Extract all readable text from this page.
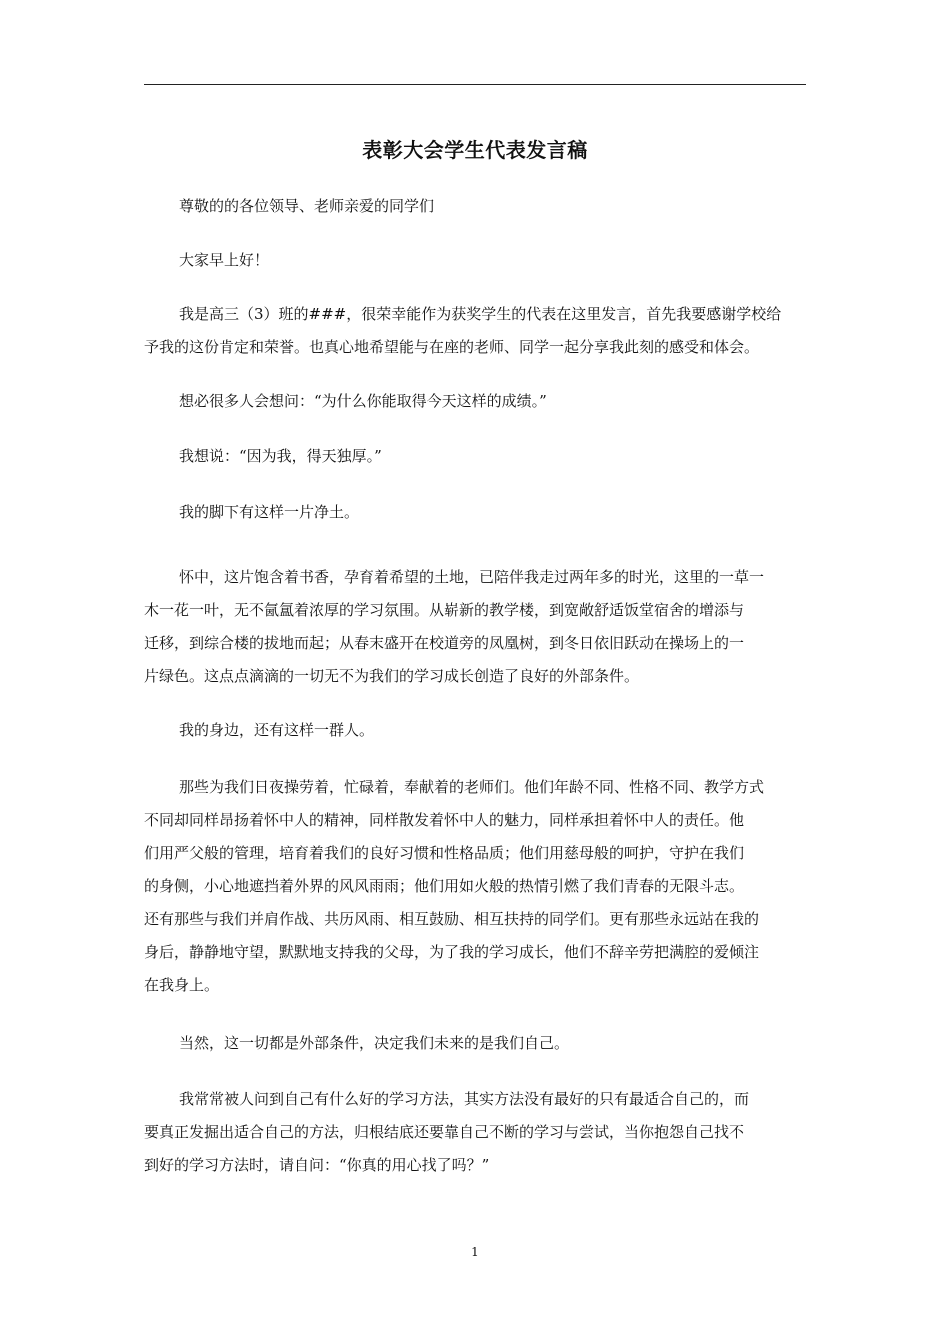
表彰大会学生代表发言稿

尊敬的的各位领导、老师亲爱的同学们

大家早上好！

我是高三（3）班的###，很荣幸能作为获奖学生的代表在这里发言，首先我要感谢学校给
予我的这份肯定和荣誉。也真心地希望能与在座的老师、同学一起分享我此刻的感受和体会。

想必很多人会想问：“为什么你能取得今天这样的成绩。”

我想说：“因为我，得天独厚。”

我的脚下有这样一片净土。

怀中，这片饱含着书香，孕育着希望的土地，已陪伴我走过两年多的时光，这里的一草一
木一花一叶，无不氤氲着浓厚的学习氛围。从崭新的教学楼，到宽敞舒适饭堂宿舍的增添与
迁移，到综合楼的拔地而起；从春末盛开在校道旁的凤凰树，到冬日依旧跃动在操场上的一
片绿色。这点点滴滴的一切无不为我们的学习成长创造了良好的外部条件。

我的身边，还有这样一群人。

那些为我们日夜操劳着，忙碌着，奉献着的老师们。他们年龄不同、性格不同、教学方式
不同却同样昂扬着怀中人的精神，同样散发着怀中人的魅力，同样承担着怀中人的责任。他
们用严父般的管理，培育着我们的良好习惯和性格品质；他们用慈母般的呵护，守护在我们
的身侧，小心地遮挡着外界的风风雨雨；他们用如火般的热情引燃了我们青春的无限斗志。
还有那些与我们并肩作战、共历风雨、相互鼓励、相互扶持的同学们。更有那些永远站在我的
身后，静静地守望，默默地支持我的父母，为了我的学习成长，他们不辞辛劳把满腔的爱倾注
在我身上。

当然，这一切都是外部条件，决定我们未来的是我们自己。

我常常被人问到自己有什么好的学习方法，其实方法没有最好的只有最适合自己的，而
要真正发掘出适合自己的方法，归根结底还要靠自己不断的学习与尝试，当你抱怨自己找不
到好的学习方法时，请自问：“你真的用心找了吗？”

1
